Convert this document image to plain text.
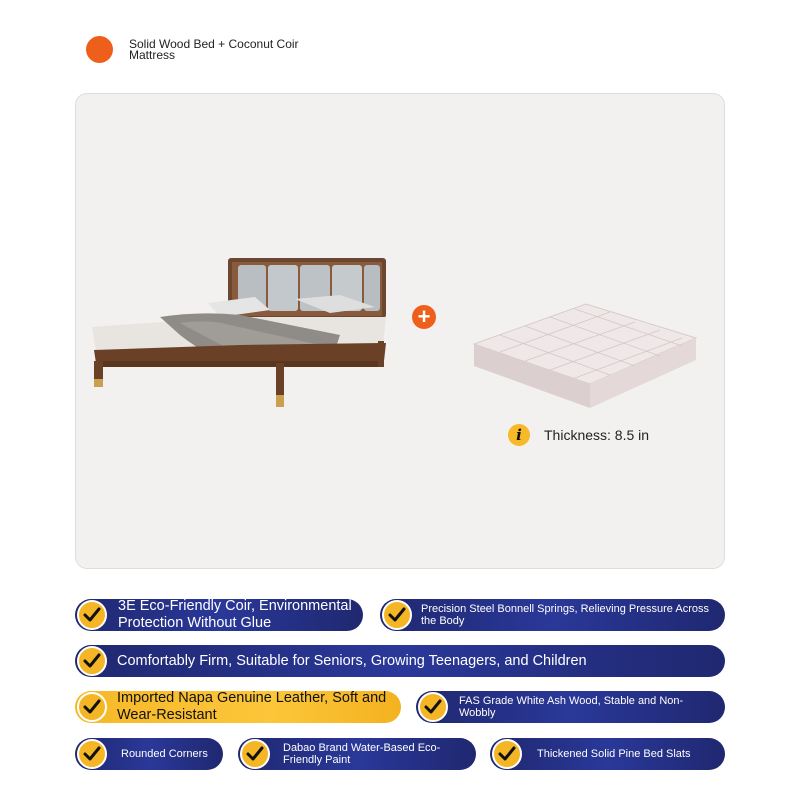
Solid Wood Bed + Coconut Coir Mattress
+
i	Thickness: 8.5 in
3E Eco-Friendly Coir, Environmental Protection Without Glue
Precision Steel Bonnell Springs, Relieving Pressure Across the Body
Comfortably Firm, Suitable for Seniors, Growing Teenagers, and Children
Imported Napa Genuine Leather, Soft and Wear-Resistant
FAS Grade White Ash Wood, Stable and Non-Wobbly
Rounded Corners	Dabao Brand Water-Based Eco-Friendly Paint	Thickened Solid Pine Bed Slats
